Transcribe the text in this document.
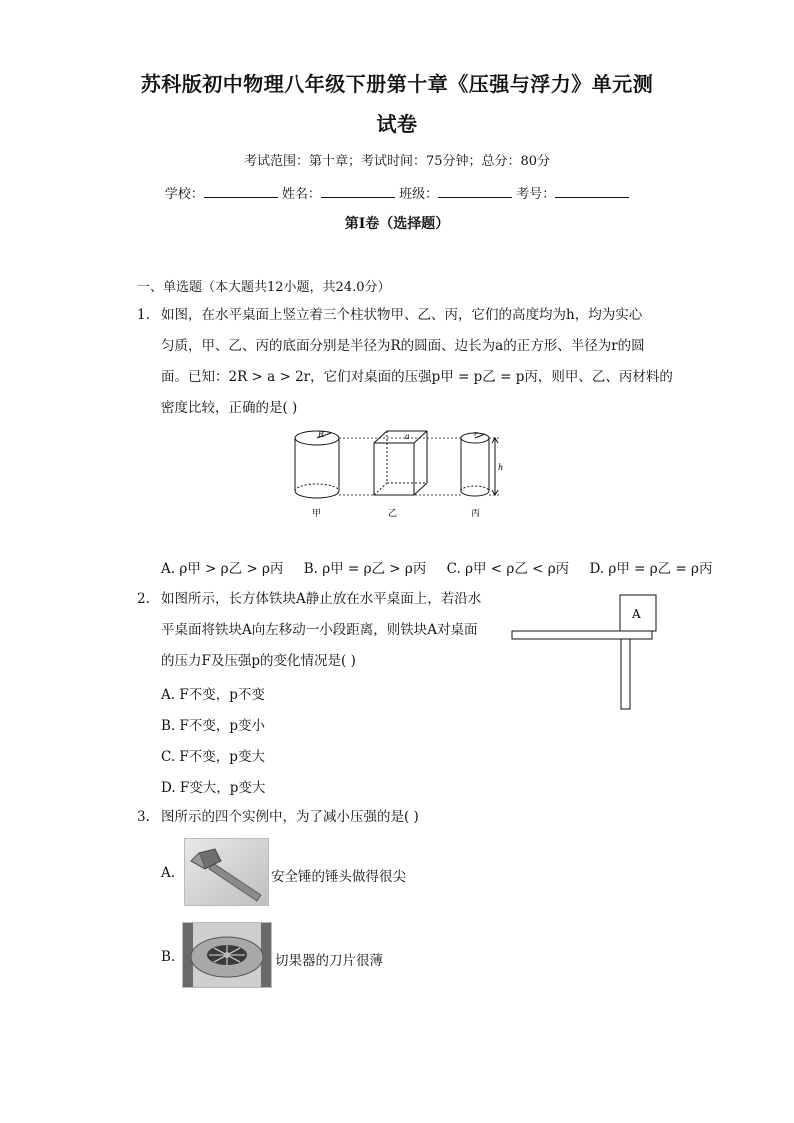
苏科版初中物理八年级下册第十章《压强与浮力》单元测
试卷
考试范围：第十章；考试时间：75分钟；总分：80分
学校：	姓名：	班级：	考号：
第I卷（选择题）
一、单选题（本大题共12小题，共24.0分）
1. 如图，在水平桌面上竖立着三个柱状物甲、乙、丙，它们的高度均为h，均为实心
匀质，甲、乙、丙的底面分别是半径为R的圆面、边长为a的正方形、半径为r的圆
面。已知：2R > a > 2r，它们对桌面的压强p甲 = p乙 = p丙，则甲、乙、丙材料的
密度比较，正确的是( )
R	a	r
h
甲	乙	丙
A. ρ甲 > ρ乙 > ρ丙 B. ρ甲 = ρ乙 > ρ丙 C. ρ甲 < ρ乙 < ρ丙 D. ρ甲 = ρ乙 = ρ丙
2. 如图所示，长方体铁块A静止放在水平桌面上，若沿水
平桌面将铁块A向左移动一小段距离，则铁块A对桌面
的压力F及压强p的变化情况是( )
A
A. F不变，p不变
B. F不变，p变小
C. F不变，p变大
D. F变大，p变大
3. 图所示的四个实例中，为了减小压强的是( )
A.	安全锤的锤头做得很尖
B.	切果器的刀片很薄
